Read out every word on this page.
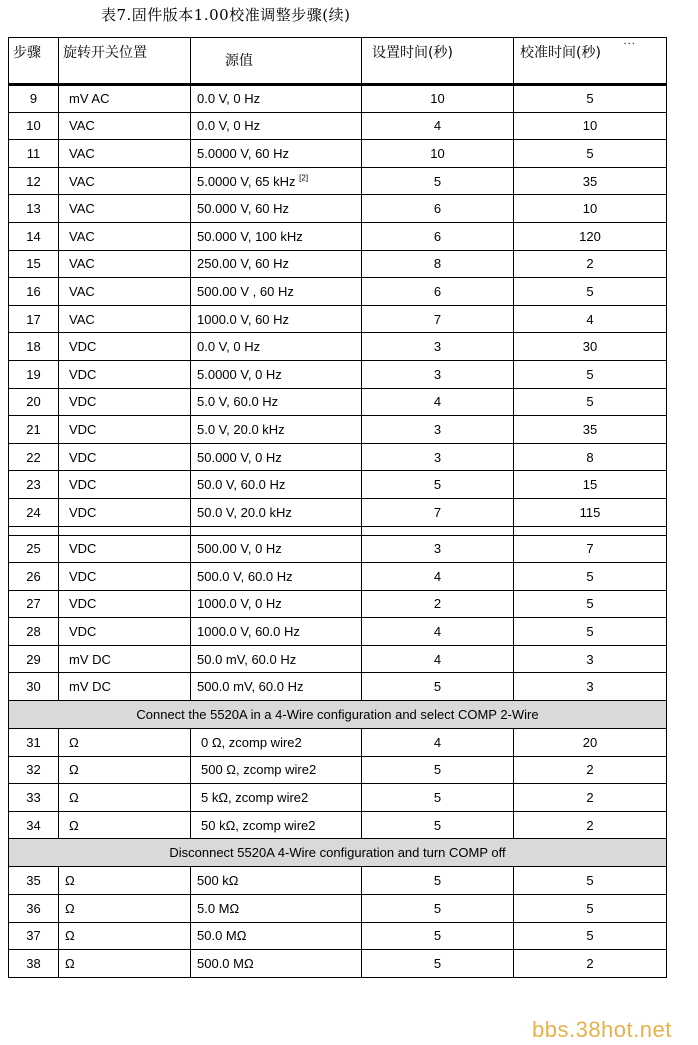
表7.固件版本1.00校准调整步骤(续)
步骤	旋转开关位置	源值	设置时间(秒)	校准时间(秒)
...

9	mV AC	0.0 V, 0 Hz	10	5
10	VAC	0.0 V, 0 Hz	4	10
11	VAC	5.0000 V, 60 Hz	10	5
12	VAC	5.0000 V, 65 kHz [2]	5	35
13	VAC	50.000 V, 60 Hz	6	10
14	VAC	50.000 V, 100 kHz	6	120
15	VAC	250.00 V, 60 Hz	8	2
16	VAC	500.00 V , 60 Hz	6	5
17	VAC	1000.0 V, 60 Hz	7	4
18	VDC	0.0 V, 0 Hz	3	30
19	VDC	5.0000 V, 0 Hz	3	5
20	VDC	5.0 V, 60.0 Hz	4	5
21	VDC	5.0 V, 20.0 kHz	3	35
22	VDC	50.000 V, 0 Hz	3	8
23	VDC	50.0 V, 60.0 Hz	5	15
24	VDC	50.0 V, 20.0 kHz	7	115

25	VDC	500.00 V, 0 Hz	3	7
26	VDC	500.0 V, 60.0 Hz	4	5
27	VDC	1000.0 V, 0 Hz	2	5
28	VDC	1000.0 V, 60.0 Hz	4	5
29	mV DC	50.0 mV, 60.0 Hz	4	3
30	mV DC	500.0 mV, 60.0 Hz	5	3
Connect the 5520A in a 4-Wire configuration and select COMP 2-Wire				
31	Ω	0 Ω, zcomp wire2	4	20
32	Ω	500 Ω, zcomp wire2	5	2
33	Ω	5 kΩ, zcomp wire2	5	2
34	Ω	50 kΩ, zcomp wire2	5	2
Disconnect 5520A 4-Wire configuration and turn COMP off				
35	Ω	500 kΩ	5	5
36	Ω	5.0 MΩ	5	5
37	Ω	50.0 MΩ	5	5
38	Ω	500.0 MΩ	5	2
bbs.38hot.net
